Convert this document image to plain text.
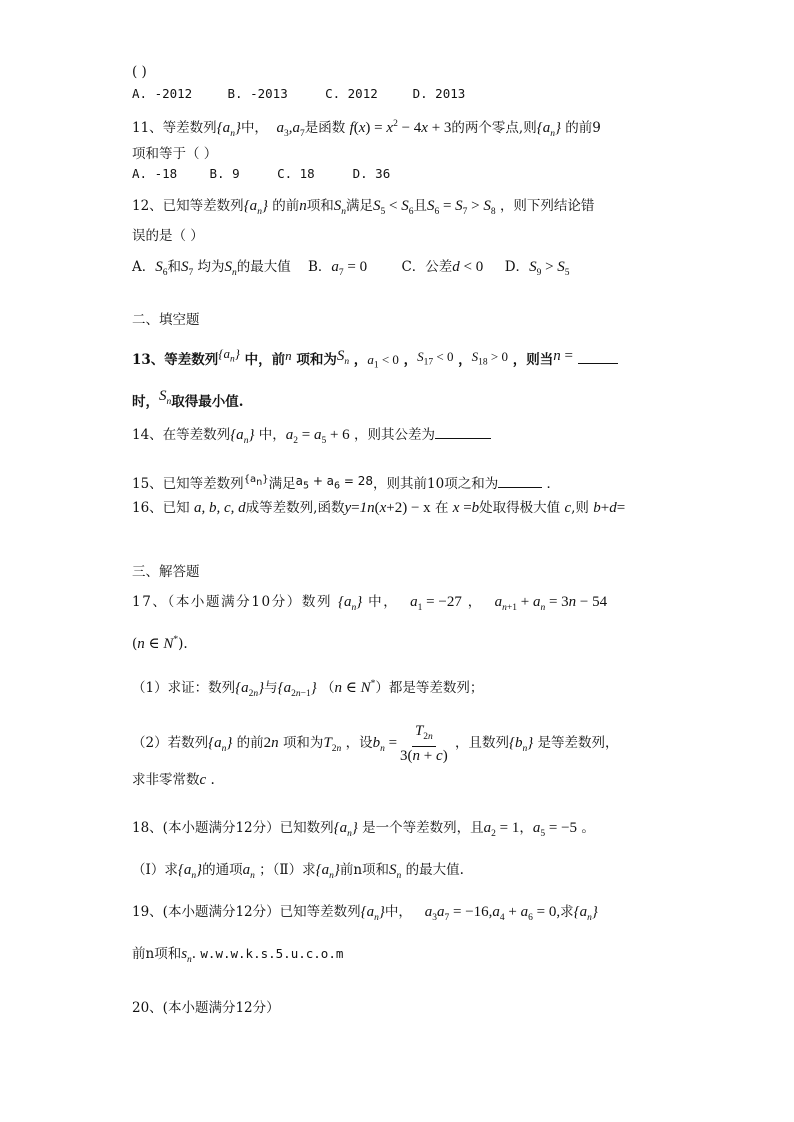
( )
A. -2012	B. -2013	C. 2012	D. 2013
11、等差数列$\{a_n\}$中， $a_3,a_7$是函数 $f(x) = x^2 - 4x + 3$的两个零点,则$\{a_n\}$ 的前9
项和等于（ ）
A. -18	B. 9	C. 18	D. 36
12、已知等差数列$\{a_n\}$ 的前n项和$S_n$满足$S_5 < S_6$且$S_6 = S_7 > S_8$ ，则下列结论错
误的是（ ）
A．$S_6$和$S_7$ 均为$S_n$的最大值 B．$a_7 = 0$	C．公差d < 0 D．$S_9 > S_5$
二、填空题
13、等差数列$\{a_n\}$ 中，前n 项和为$S_n$ ，$a_1 < 0$ ，$S_{17} < 0$ ，$S_{18} > 0$ ，则当n =
时，$S_n$取得最小值.
14、在等差数列$\{a_n\}$ 中，$a_2 = a_5 + 6$ ，则其公差为
15、已知等差数列$^{\{a_n\}}$满足$a_5 + a_6 = 28$，则其前10项之和为	．
16、已知 a, b, c, d成等差数列,函数y=1n(x+2) − x 在 x =b处取得极大值 c,则 b+d=
三、解答题
17、（本小题满分10分）数列 $\{a_n\}$ 中， $a_1 = -27$ ，  $a_{n+1} + a_n = 3n - 54$
(n ∈ N*).
（1）求证：数列$\{a_{2n}\}$与$\{a_{2n-1}\}$ （n ∈ N*）都是等差数列；
（2）若数列$\{a_n\}$ 的前2n 项和为$T_{2n}$ ，设$b_n = \frac{T_{2n}}{3(n + c)}$ ，且数列$\{b_n\}$ 是等差数列，
求非零常数c .
18、(本小题满分12分）已知数列$\{a_n\}$ 是一个等差数列，且$a_2 = 1$，$a_5 = -5$ 。
（Ⅰ）求$\{a_n\}$的通项$a_n$ ；（Ⅱ）求$\{a_n\}$前n项和$S_n$ 的最大值.
19、(本小题满分12分）已知等差数列$\{a_n\}$中， $a_3a_7 = -16,a_4 + a_6 = 0$,求$\{a_n\}$
前n项和$s_n$. w.w.w.k.s.5.u.c.o.m
20、(本小题满分12分）
